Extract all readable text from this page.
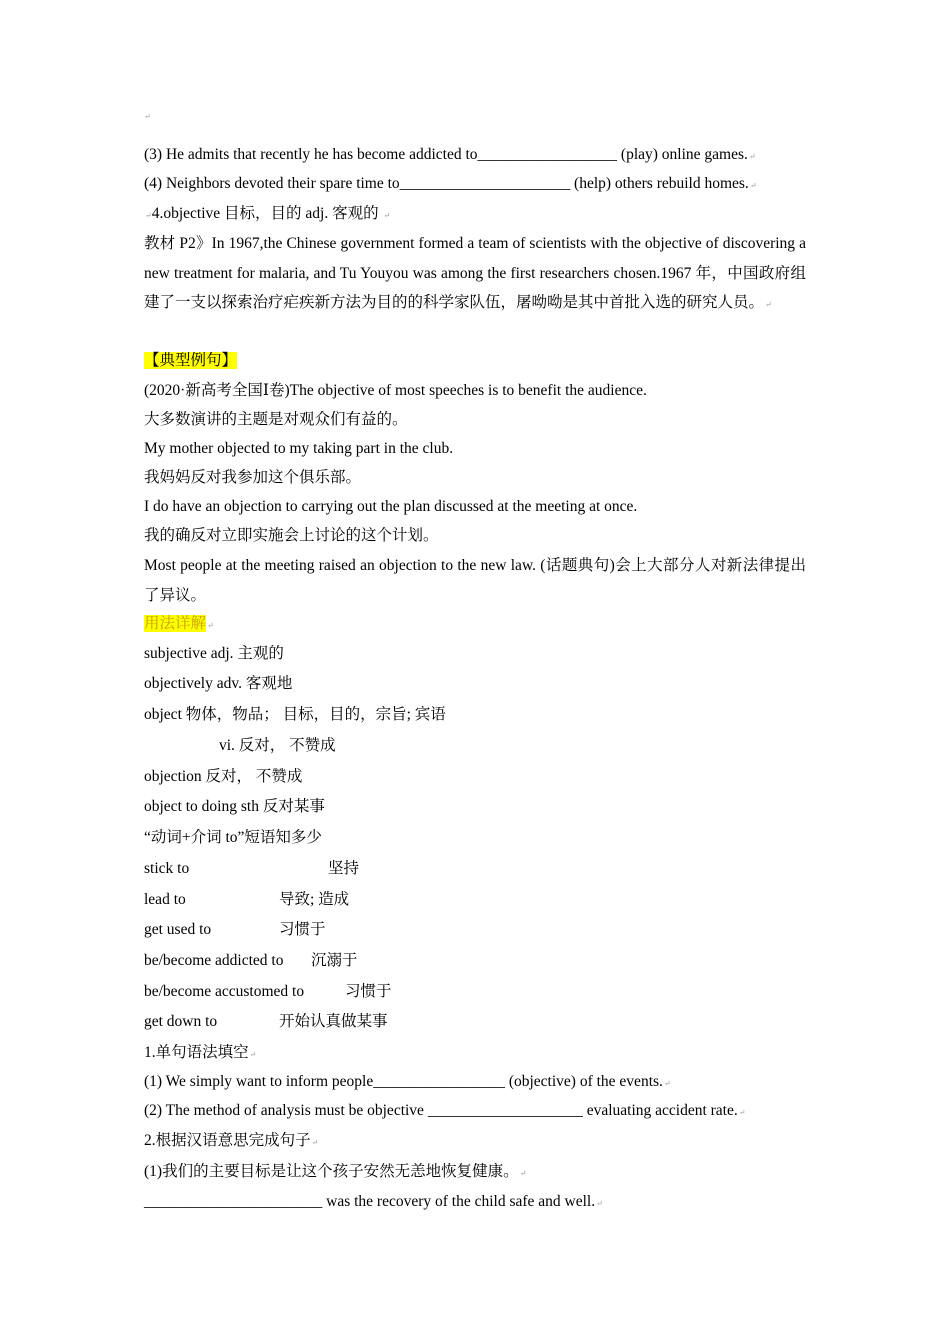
↵
(3) He admits that recently he has become addicted to__________________ (play) online games.↵
(4) Neighbors devoted their spare time to______________________ (help) others rebuild homes.↵
↵4.objective 目标，目的 adj. 客观的 ↵
教材 P2》In 1967,the Chinese government formed a team of scientists with the objective of discovering a new treatment for malaria, and Tu Youyou was among the first researchers chosen.1967 年，中国政府组建了一支以探索治疗疟疾新方法为目的的科学家队伍，屠呦呦是其中首批入选的研究人员。↵
【典型例句】
(2020·新高考全国Ⅰ卷)The objective of most speeches is to benefit the audience.
大多数演讲的主题是对观众们有益的。
My mother objected to my taking part in the club.
我妈妈反对我参加这个俱乐部。
I do have an objection to carrying out the plan discussed at the meeting at once.
我的确反对立即实施会上讨论的这个计划。
Most people at the meeting raised an objection to the new law. (话题典句)会上大部分人对新法律提出了异议。
用法详解↵
subjective adj. 主观的
objectively adv. 客观地
object 物体，物品； 目标，目的，宗旨; 宾语
vi. 反对， 不赞成
objection 反对， 不赞成
object to doing sth 反对某事
“动词+介词 to”短语知多少
stick to	坚持
lead to	导致; 造成
get used to	习惯于
be/become addicted to 沉溺于
be/become accustomed to	习惯于
get down to	开始认真做某事
1.单句语法填空↵
(1) We simply want to inform people_________________ (objective) of the events.↵
(2) The method of analysis must be objective ____________________ evaluating accident rate.↵
2.根据汉语意思完成句子↵
(1)我们的主要目标是让这个孩子安然无恙地恢复健康。↵
_______________________ was the recovery of the child safe and well.↵
